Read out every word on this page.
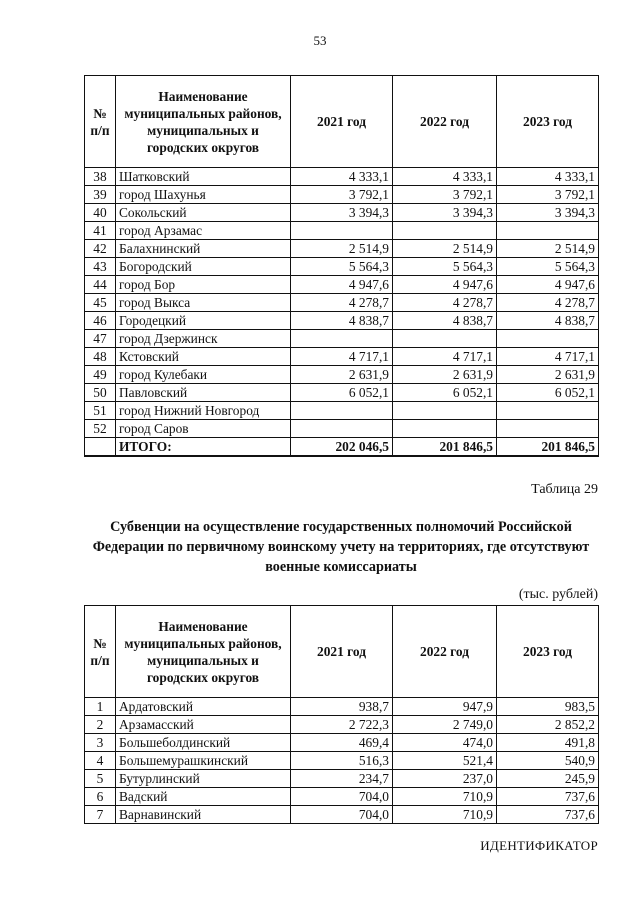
53
№ п/п	Наименование муниципальных районов, муниципальных и городских округов	2021 год	2022 год	2023 год
38	Шатковский	4 333,1	4 333,1	4 333,1
39	город Шахунья	3 792,1	3 792,1	3 792,1
40	Сокольский	3 394,3	3 394,3	3 394,3
41	город Арзамас			
42	Балахнинский	2 514,9	2 514,9	2 514,9
43	Богородский	5 564,3	5 564,3	5 564,3
44	город Бор	4 947,6	4 947,6	4 947,6
45	город Выкса	4 278,7	4 278,7	4 278,7
46	Городецкий	4 838,7	4 838,7	4 838,7
47	город Дзержинск			
48	Кстовский	4 717,1	4 717,1	4 717,1
49	город Кулебаки	2 631,9	2 631,9	2 631,9
50	Павловский	6 052,1	6 052,1	6 052,1
51	город Нижний Новгород			
52	город Саров			
	ИТОГО:	202 046,5	201 846,5	201 846,5
Таблица 29
Субвенции на осуществление государственных полномочий Российской Федерации по первичному воинскому учету на территориях, где отсутствуют военные комиссариаты
(тыс. рублей)
№ п/п	Наименование муниципальных районов, муниципальных и городских округов	2021 год	2022 год	2023 год
1	Ардатовский	938,7	947,9	983,5
2	Арзамасский	2 722,3	2 749,0	2 852,2
3	Большеболдинский	469,4	474,0	491,8
4	Большемурашкинский	516,3	521,4	540,9
5	Бутурлинский	234,7	237,0	245,9
6	Вадский	704,0	710,9	737,6
7	Варнавинский	704,0	710,9	737,6
ИДЕНТИФИКАТОР
